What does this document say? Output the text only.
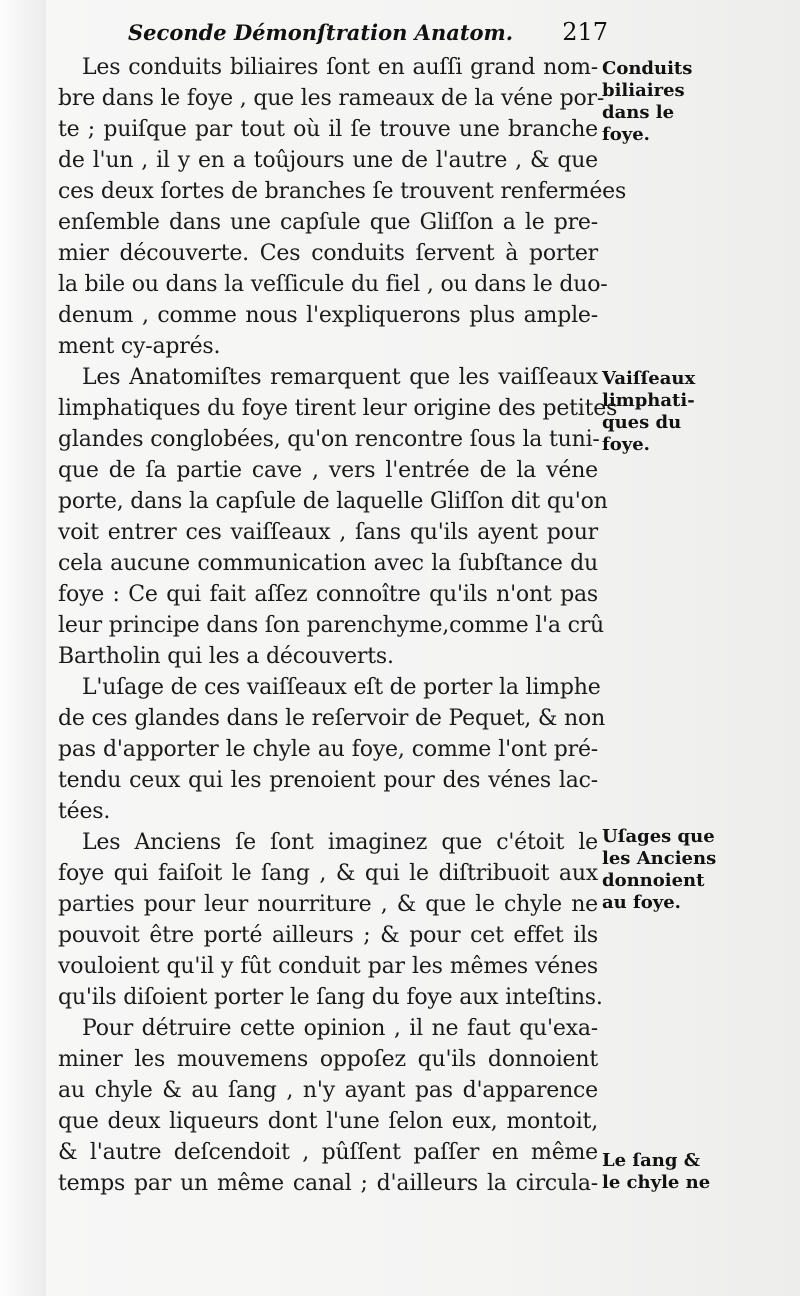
Seconde Démonſtration Anatom. 217
Les conduits biliaires ſont en auſſi grand nom-
bre dans le foye , que les rameaux de la véne por-
te ; puiſque par tout où il ſe trouve une branche
de l'un , il y en a toûjours une de l'autre , & que
ces deux ſortes de branches ſe trouvent renfermées
enſemble dans une capſule que Gliſſon a le pre-
mier découverte. Ces conduits ſervent à porter
la bile ou dans la veſſicule du fiel , ou dans le duo-
denum , comme nous l'expliquerons plus ample-
ment cy-aprés.
Les Anatomiſtes remarquent que les vaiſſeaux
limphatiques du foye tirent leur origine des petites
glandes conglobées, qu'on rencontre ſous la tuni-
que de ſa partie cave , vers l'entrée de la véne
porte, dans la capſule de laquelle Gliſſon dit qu'on
voit entrer ces vaiſſeaux , ſans qu'ils ayent pour
cela aucune communication avec la ſubſtance du
foye : Ce qui fait aſſez connoître qu'ils n'ont pas
leur principe dans ſon parenchyme,comme l'a crû
Bartholin qui les a découverts.
L'uſage de ces vaiſſeaux eſt de porter la limphe
de ces glandes dans le reſervoir de Pequet, & non
pas d'apporter le chyle au foye, comme l'ont pré-
tendu ceux qui les prenoient pour des vénes lac-
tées.
Les Anciens ſe ſont imaginez que c'étoit le
foye qui faiſoit le ſang , & qui le diſtribuoit aux
parties pour leur nourriture , & que le chyle ne
pouvoit être porté ailleurs ; & pour cet effet ils
vouloient qu'il y fût conduit par les mêmes vénes
qu'ils diſoient porter le ſang du foye aux inteſtins.
Pour détruire cette opinion , il ne faut qu'exa-
miner les mouvemens oppoſez qu'ils donnoient
au chyle & au ſang , n'y ayant pas d'apparence
que deux liqueurs dont l'une ſelon eux, montoit,
& l'autre deſcendoit , pûſſent paſſer en même
temps par un même canal ; d'ailleurs la circula-
Conduits
biliaires
dans le
foye.
Vaiſſeaux
limphati-
ques du
foye.
Uſages que
les Anciens
donnoient
au foye.
Le ſang &
le chyle ne
